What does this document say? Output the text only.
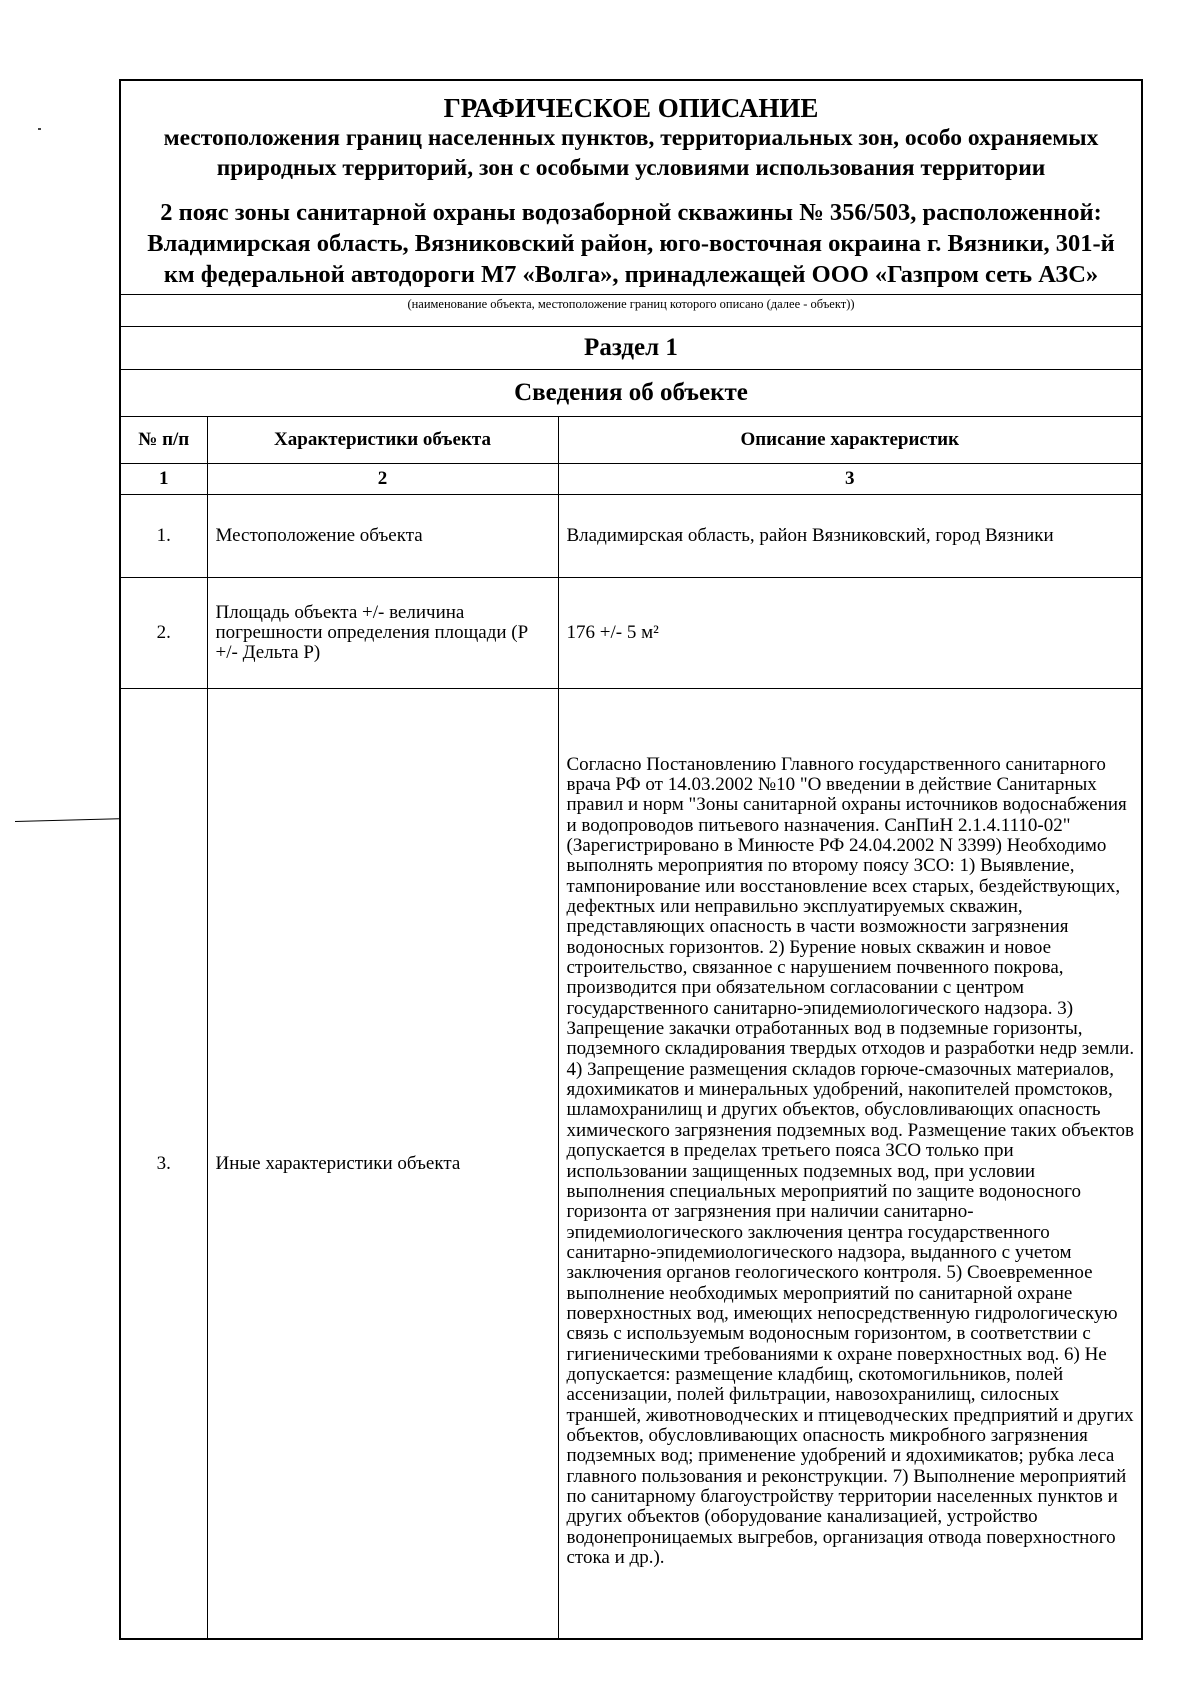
ГРАФИЧЕСКОЕ ОПИСАНИЕ

местоположения границ населенных пунктов, территориальных зон, особо охраняемых природных территорий, зон с особыми условиями использования территории

2 пояс зоны санитарной охраны водозаборной скважины № 356/503, расположенной: Владимирская область, Вязниковский район, юго-восточная окраина г. Вязники, 301-й км федеральной автодороги М7 «Волга», принадлежащей ООО «Газпром сеть АЗС»

(наименование объекта, местоположение границ которого описано (далее - объект))
Раздел 1
Сведения об объекте
№ п/п	Характеристики объекта	Описание характеристик
1	2	3
1.	Местоположение объекта	Владимирская область, район Вязниковский, город Вязники
2.	Площадь объекта +/- величина погрешности определения площади (Р +/- Дельта Р)	176 +/- 5 м²
3.	Иные характеристики объекта	Согласно Постановлению Главного государственного санитарного врача РФ от 14.03.2002 №10 "О введении в действие Санитарных правил и норм "Зоны санитарной охраны источников водоснабжения и водопроводов питьевого назначения. СанПиН 2.1.4.1110-02" (Зарегистрировано в Минюсте РФ 24.04.2002 N 3399) Необходимо выполнять мероприятия по второму поясу ЗСО: 1) Выявление, тампонирование или восстановление всех старых, бездействующих, дефектных или неправильно эксплуатируемых скважин, представляющих опасность в части возможности загрязнения водоносных горизонтов. 2) Бурение новых скважин и новое строительство, связанное с нарушением почвенного покрова, производится при обязательном согласовании с центром государственного санитарно-эпидемиологического надзора. 3) Запрещение закачки отработанных вод в подземные горизонты, подземного складирования твердых отходов и разработки недр земли. 4) Запрещение размещения складов горюче-смазочных материалов, ядохимикатов и минеральных удобрений, накопителей промстоков, шламохранилищ и других объектов, обусловливающих опасность химического загрязнения подземных вод. Размещение таких объектов допускается в пределах третьего пояса ЗСО только при использовании защищенных подземных вод, при условии выполнения специальных мероприятий по защите водоносного горизонта от загрязнения при наличии санитарно-эпидемиологического заключения центра государственного санитарно-эпидемиологического надзора, выданного с учетом заключения органов геологического контроля. 5) Своевременное выполнение необходимых мероприятий по санитарной охране поверхностных вод, имеющих непосредственную гидрологическую связь с используемым водоносным горизонтом, в соответствии с гигиеническими требованиями к охране поверхностных вод. 6) Не допускается: размещение кладбищ, скотомогильников, полей ассенизации, полей фильтрации, навозохранилищ, силосных траншей, животноводческих и птицеводческих предприятий и других объектов, обусловливающих опасность микробного загрязнения подземных вод; применение удобрений и ядохимикатов; рубка леса главного пользования и реконструкции. 7) Выполнение мероприятий по санитарному благоустройству территории населенных пунктов и других объектов (оборудование канализацией, устройство водонепроницаемых выгребов, организация отвода поверхностного стока и др.).
